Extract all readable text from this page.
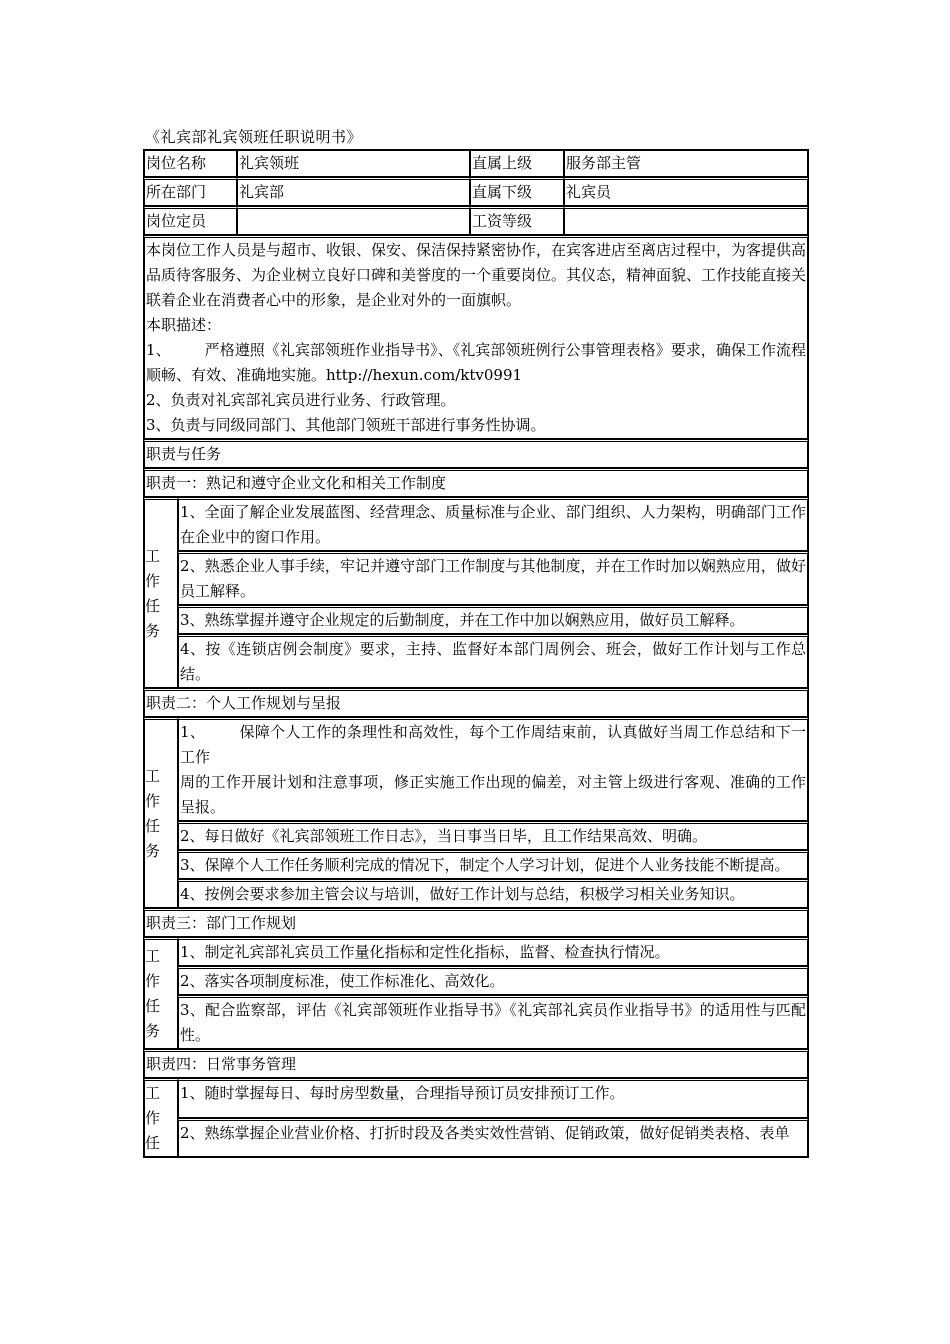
《礼宾部礼宾领班任职说明书》
岗位名称		礼宾领班	直属上级	服务部主管
所在部门		礼宾部	直属下级	礼宾员
岗位定员			工资等级	

本岗位工作人员是与超市、收银、保安、保洁保持紧密协作，在宾客进店至离店过程中，为客提供高品质待客服务、为企业树立良好口碑和美誉度的一个重要岗位。其仪态，精神面貌、工作技能直接关联着企业在消费者心中的形象，是企业对外的一面旗帜。
本职描述：
1、 严格遵照《礼宾部领班作业指导书》、《礼宾部领班例行公事管理表格》要求，确保工作流程顺畅、有效、准确地实施。http://hexun.com/ktv0991
2、负责对礼宾部礼宾员进行业务、行政管理。
3、负责与同级同部门、其他部门领班干部进行事务性协调。				

职责与任务				
职责一：熟记和遵守企业文化和相关工作制度				

工
作
任
务	1、全面了解企业发展蓝图、经营理念、质量标准与企业、部门组织、人力架构，明确部门工作在企业中的窗口作用。			
	2、熟悉企业人事手续，牢记并遵守部门工作制度与其他制度，并在工作时加以娴熟应用，做好员工解释。			
	3、熟练掌握并遵守企业规定的后勤制度，并在工作中加以娴熟应用，做好员工解释。			
	4、按《连锁店例会制度》要求，主持、监督好本部门周例会、班会，做好工作计划与工作总结。			
职责二：个人工作规划与呈报				

工
作
任
务	1、 保障个人工作的条理性和高效性，每个工作周结束前，认真做好当周工作总结和下一工作
周的工作开展计划和注意事项，修正实施工作出现的偏差，对主管上级进行客观、准确的工作呈报。			

	2、每日做好《礼宾部领班工作日志》，当日事当日毕，且工作结果高效、明确。			
	3、保障个人工作任务顺利完成的情况下，制定个人学习计划，促进个人业务技能不断提高。			
	4、按例会要求参加主管会议与培训，做好工作计划与总结，积极学习相关业务知识。			
职责三：部门工作规划				

工
作
任
务	1、制定礼宾部礼宾员工作量化指标和定性化指标，监督、检查执行情况。			
	2、落实各项制度标准，使工作标准化、高效化。			
	3、配合监察部，评估《礼宾部领班作业指导书》《礼宾部礼宾员作业指导书》的适用性与匹配性。			
职责四：日常事务管理				

工
作
任	1、随时掌握每日、每时房型数量，合理指导预订员安排预订工作。			
	2、熟练掌握企业营业价格、打折时段及各类实效性营销、促销政策，做好促销类表格、表单			
